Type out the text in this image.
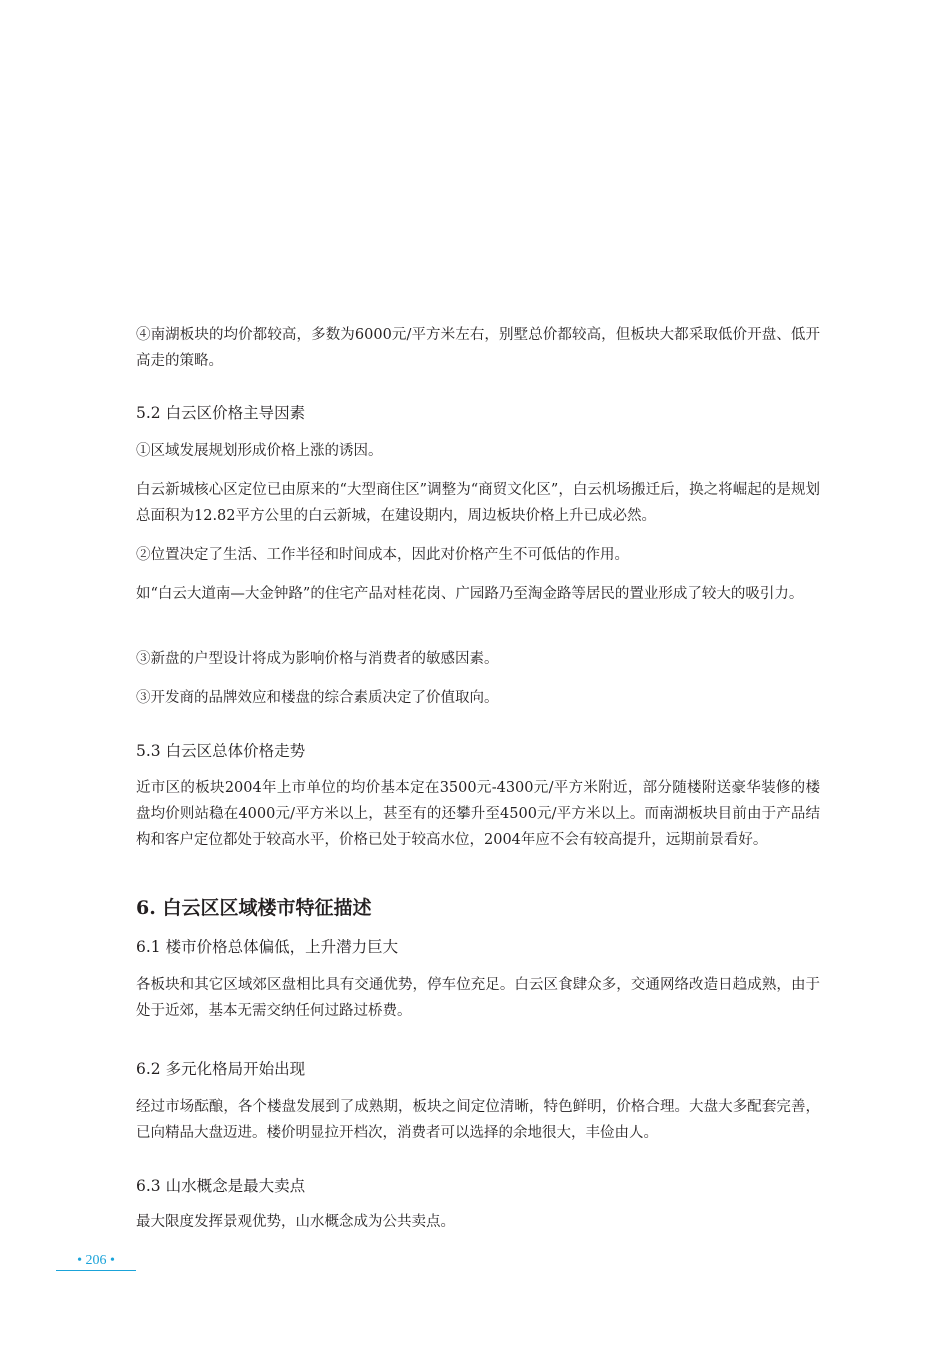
④南湖板块的均价都较高，多数为6000元/平方米左右，别墅总价都较高，但板块大都采取低价开盘、低开高走的策略。

5.2 白云区价格主导因素

①区域发展规划形成价格上涨的诱因。

白云新城核心区定位已由原来的“大型商住区”调整为“商贸文化区”，白云机场搬迁后，换之将崛起的是规划总面积为12.82平方公里的白云新城，在建设期内，周边板块价格上升已成必然。

②位置决定了生活、工作半径和时间成本，因此对价格产生不可低估的作用。

如“白云大道南—大金钟路”的住宅产品对桂花岗、广园路乃至淘金路等居民的置业形成了较大的吸引力。

③新盘的户型设计将成为影响价格与消费者的敏感因素。

③开发商的品牌效应和楼盘的综合素质决定了价值取向。

5.3 白云区总体价格走势

近市区的板块2004年上市单位的均价基本定在3500元-4300元/平方米附近，部分随楼附送豪华装修的楼盘均价则站稳在4000元/平方米以上，甚至有的还攀升至4500元/平方米以上。而南湖板块目前由于产品结构和客户定位都处于较高水平，价格已处于较高水位，2004年应不会有较高提升，远期前景看好。

6. 白云区区域楼市特征描述
6.1 楼市价格总体偏低，上升潜力巨大

各板块和其它区域郊区盘相比具有交通优势，停车位充足。白云区食肆众多，交通网络改造日趋成熟，由于处于近郊，基本无需交纳任何过路过桥费。

6.2 多元化格局开始出现

经过市场酝酿，各个楼盘发展到了成熟期，板块之间定位清晰，特色鲜明，价格合理。大盘大多配套完善，已向精品大盘迈进。楼价明显拉开档次，消费者可以选择的余地很大，丰俭由人。

6.3 山水概念是最大卖点

最大限度发挥景观优势，山水概念成为公共卖点。

• 206 •
